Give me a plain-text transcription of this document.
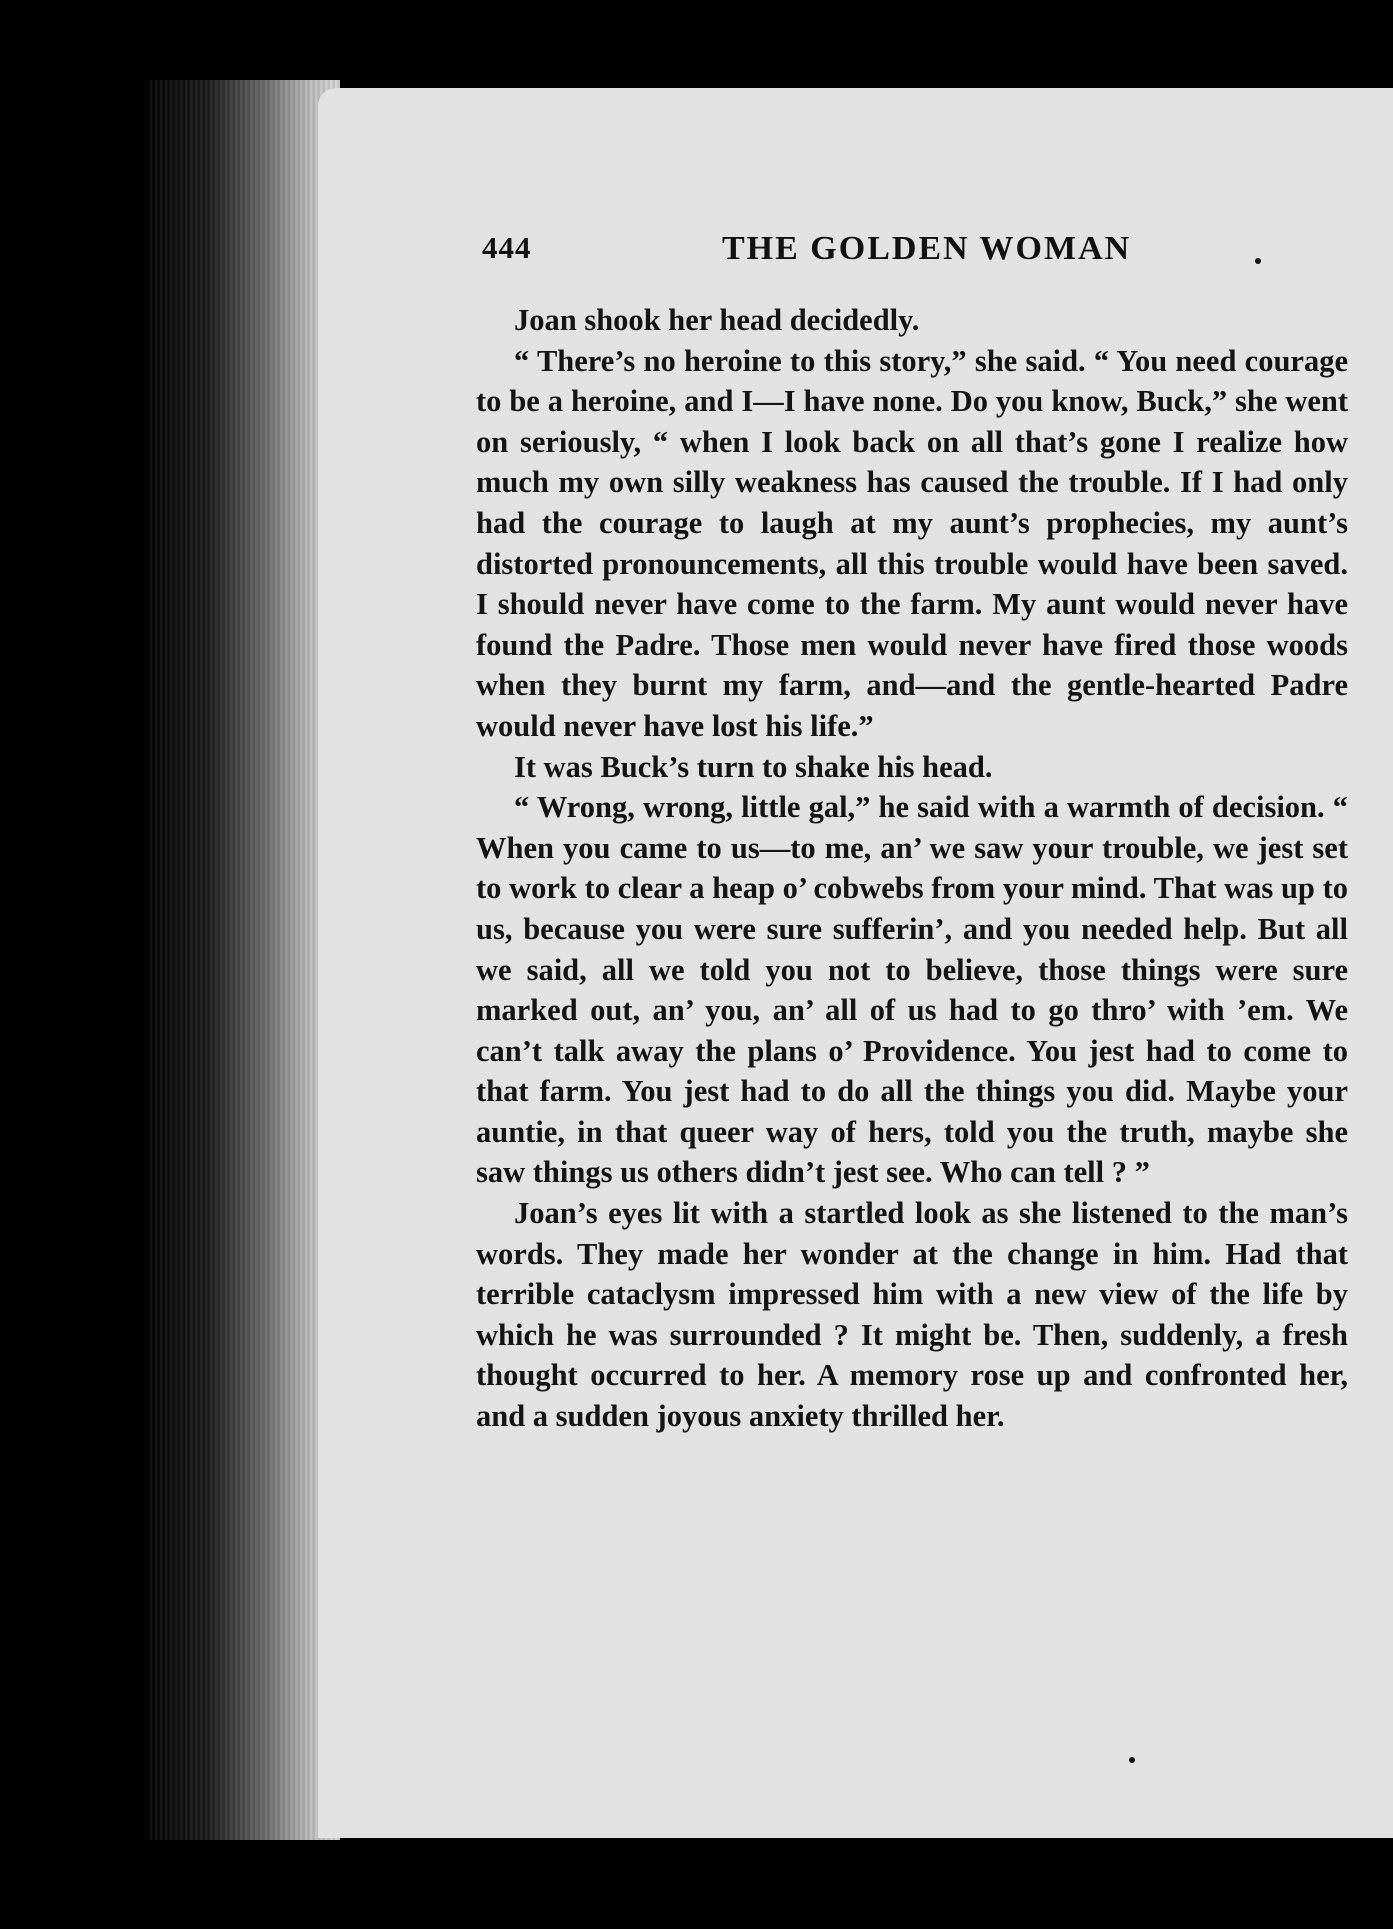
444	THE GOLDEN WOMAN

Joan shook her head decidedly.

“ There’s no heroine to this story,” she said. “ You need courage to be a heroine, and I—I have none. Do you know, Buck,” she went on seriously, “ when I look back on all that’s gone I realize how much my own silly weakness has caused the trouble. If I had only had the courage to laugh at my aunt’s prophecies, my aunt’s distorted pronouncements, all this trouble would have been saved. I should never have come to the farm. My aunt would never have found the Padre. Those men would never have fired those woods when they burnt my farm, and—and the gentle-hearted Padre would never have lost his life.”

It was Buck’s turn to shake his head.

“ Wrong, wrong, little gal,” he said with a warmth of decision. “ When you came to us—to me, an’ we saw your trouble, we jest set to work to clear a heap o’ cobwebs from your mind. That was up to us, because you were sure sufferin’, and you needed help. But all we said, all we told you not to believe, those things were sure marked out, an’ you, an’ all of us had to go thro’ with ’em. We can’t talk away the plans o’ Providence. You jest had to come to that farm. You jest had to do all the things you did. Maybe your auntie, in that queer way of hers, told you the truth, maybe she saw things us others didn’t jest see. Who can tell ? ”

Joan’s eyes lit with a startled look as she listened to the man’s words. They made her wonder at the change in him. Had that terrible cataclysm impressed him with a new view of the life by which he was surrounded ? It might be. Then, suddenly, a fresh thought occurred to her. A memory rose up and confronted her, and a sudden joyous anxiety thrilled her.
